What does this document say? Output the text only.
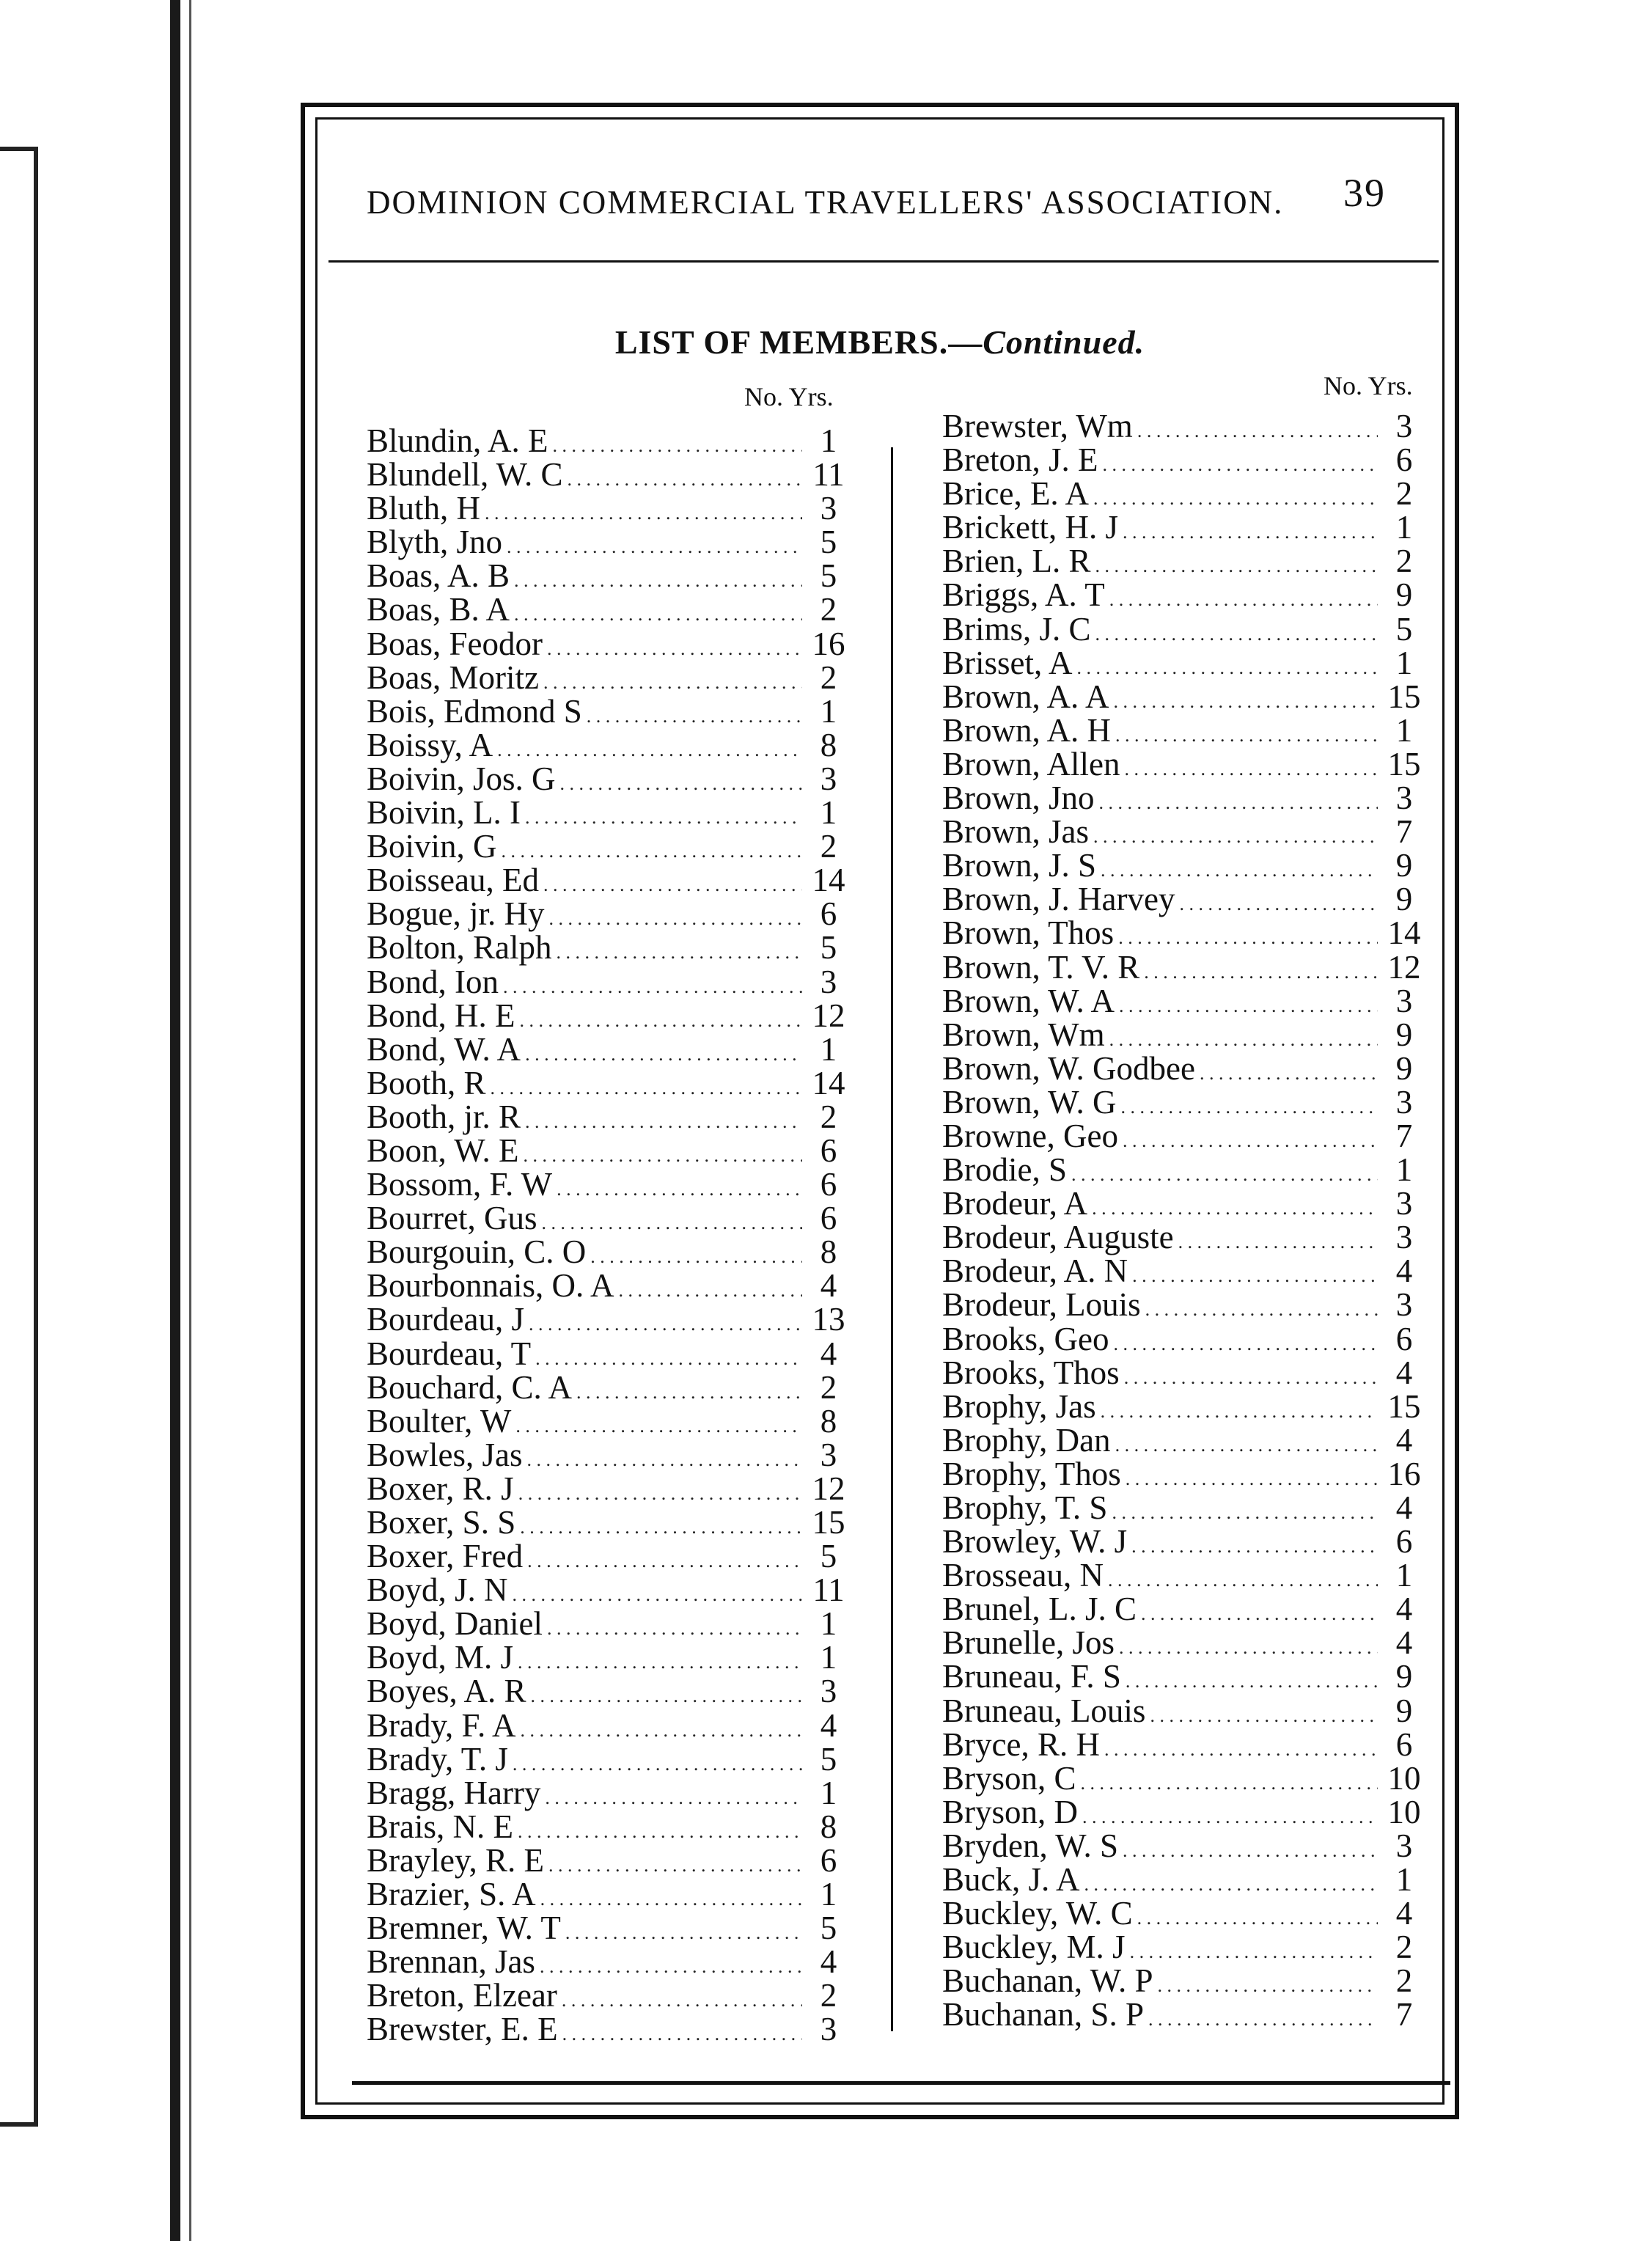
DOMINION COMMERCIAL TRAVELLERS' ASSOCIATION. 39
LIST OF MEMBERS.—Continued.
No. Yrs.	No. Yrs.
Blundin, A. E . . .	1
Blundell, W. C . . .	11
Bluth, H . . .	3
Blyth, Jno . . .	5
Boas, A. B . . .	5
Boas, B. A . . .	2
Boas, Feodor . . .	16
Boas, Moritz . . .	2
Bois, Edmond S . . .	1
Boissy, A . . .	8
Boivin, Jos. G . . .	3
Boivin, L. I . . .	1
Boivin, G . . .	2
Boisseau, Ed . . .	14
Bogue, jr. Hy . . .	6
Bolton, Ralph . . .	5
Bond, Ion . . .	3
Bond, H. E . . .	12
Bond, W. A . . .	1
Booth, R . . .	14
Booth, jr. R . . .	2
Boon, W. E . . .	6
Bossom, F. W . . .	6
Bourret, Gus . . .	6
Bourgouin, C. O . . .	8
Bourbonnais, O. A . . .	4
Bourdeau, J . . .	13
Bourdeau, T . . .	4
Bouchard, C. A . . .	2
Boulter, W . . .	8
Bowles, Jas . . .	3
Boxer, R. J . . .	12
Boxer, S. S . . .	15
Boxer, Fred . . .	5
Boyd, J. N . . .	11
Boyd, Daniel . . .	1
Boyd, M. J . . .	1
Boyes, A. R . . .	3
Brady, F. A . . .	4
Brady, T. J . . .	5
Bragg, Harry . . .	1
Brais, N. E . . .	8
Brayley, R. E . . .	6
Brazier, S. A . . .	1
Bremner, W. T . . .	5
Brennan, Jas . . .	4
Breton, Elzear . . .	2
Brewster, E. E . . .	3
Brewster, Wm . . .	3
Breton, J. E . . .	6
Brice, E. A . . .	2
Brickett, H. J . . .	1
Brien, L. R . . .	2
Briggs, A. T . . .	9
Brims, J. C . . .	5
Brisset, A . . .	1
Brown, A. A . . .	15
Brown, A. H . . .	1
Brown, Allen . . .	15
Brown, Jno . . .	3
Brown, Jas . . .	7
Brown, J. S . . .	9
Brown, J. Harvey . . .	9
Brown, Thos . . .	14
Brown, T. V. R . . .	12
Brown, W. A . . .	3
Brown, Wm . . .	9
Brown, W. Godbee . . .	9
Brown, W. G . . .	3
Browne, Geo . . .	7
Brodie, S . . .	1
Brodeur, A . . .	3
Brodeur, Auguste . . .	3
Brodeur, A. N . . .	4
Brodeur, Louis . . .	3
Brooks, Geo . . .	6
Brooks, Thos . . .	4
Brophy, Jas . . .	15
Brophy, Dan . . .	4
Brophy, Thos . . .	16
Brophy, T. S . . .	4
Browley, W. J . . .	6
Brosseau, N . . .	1
Brunel, L. J. C . . .	4
Brunelle, Jos . . .	4
Bruneau, F. S . . .	9
Bruneau, Louis . . .	9
Bryce, R. H . . .	6
Bryson, C . . .	10
Bryson, D . . .	10
Bryden, W. S . . .	3
Buck, J. A . . .	1
Buckley, W. C . . .	4
Buckley, M. J . . .	2
Buchanan, W. P . . .	2
Buchanan, S. P . . .	7
